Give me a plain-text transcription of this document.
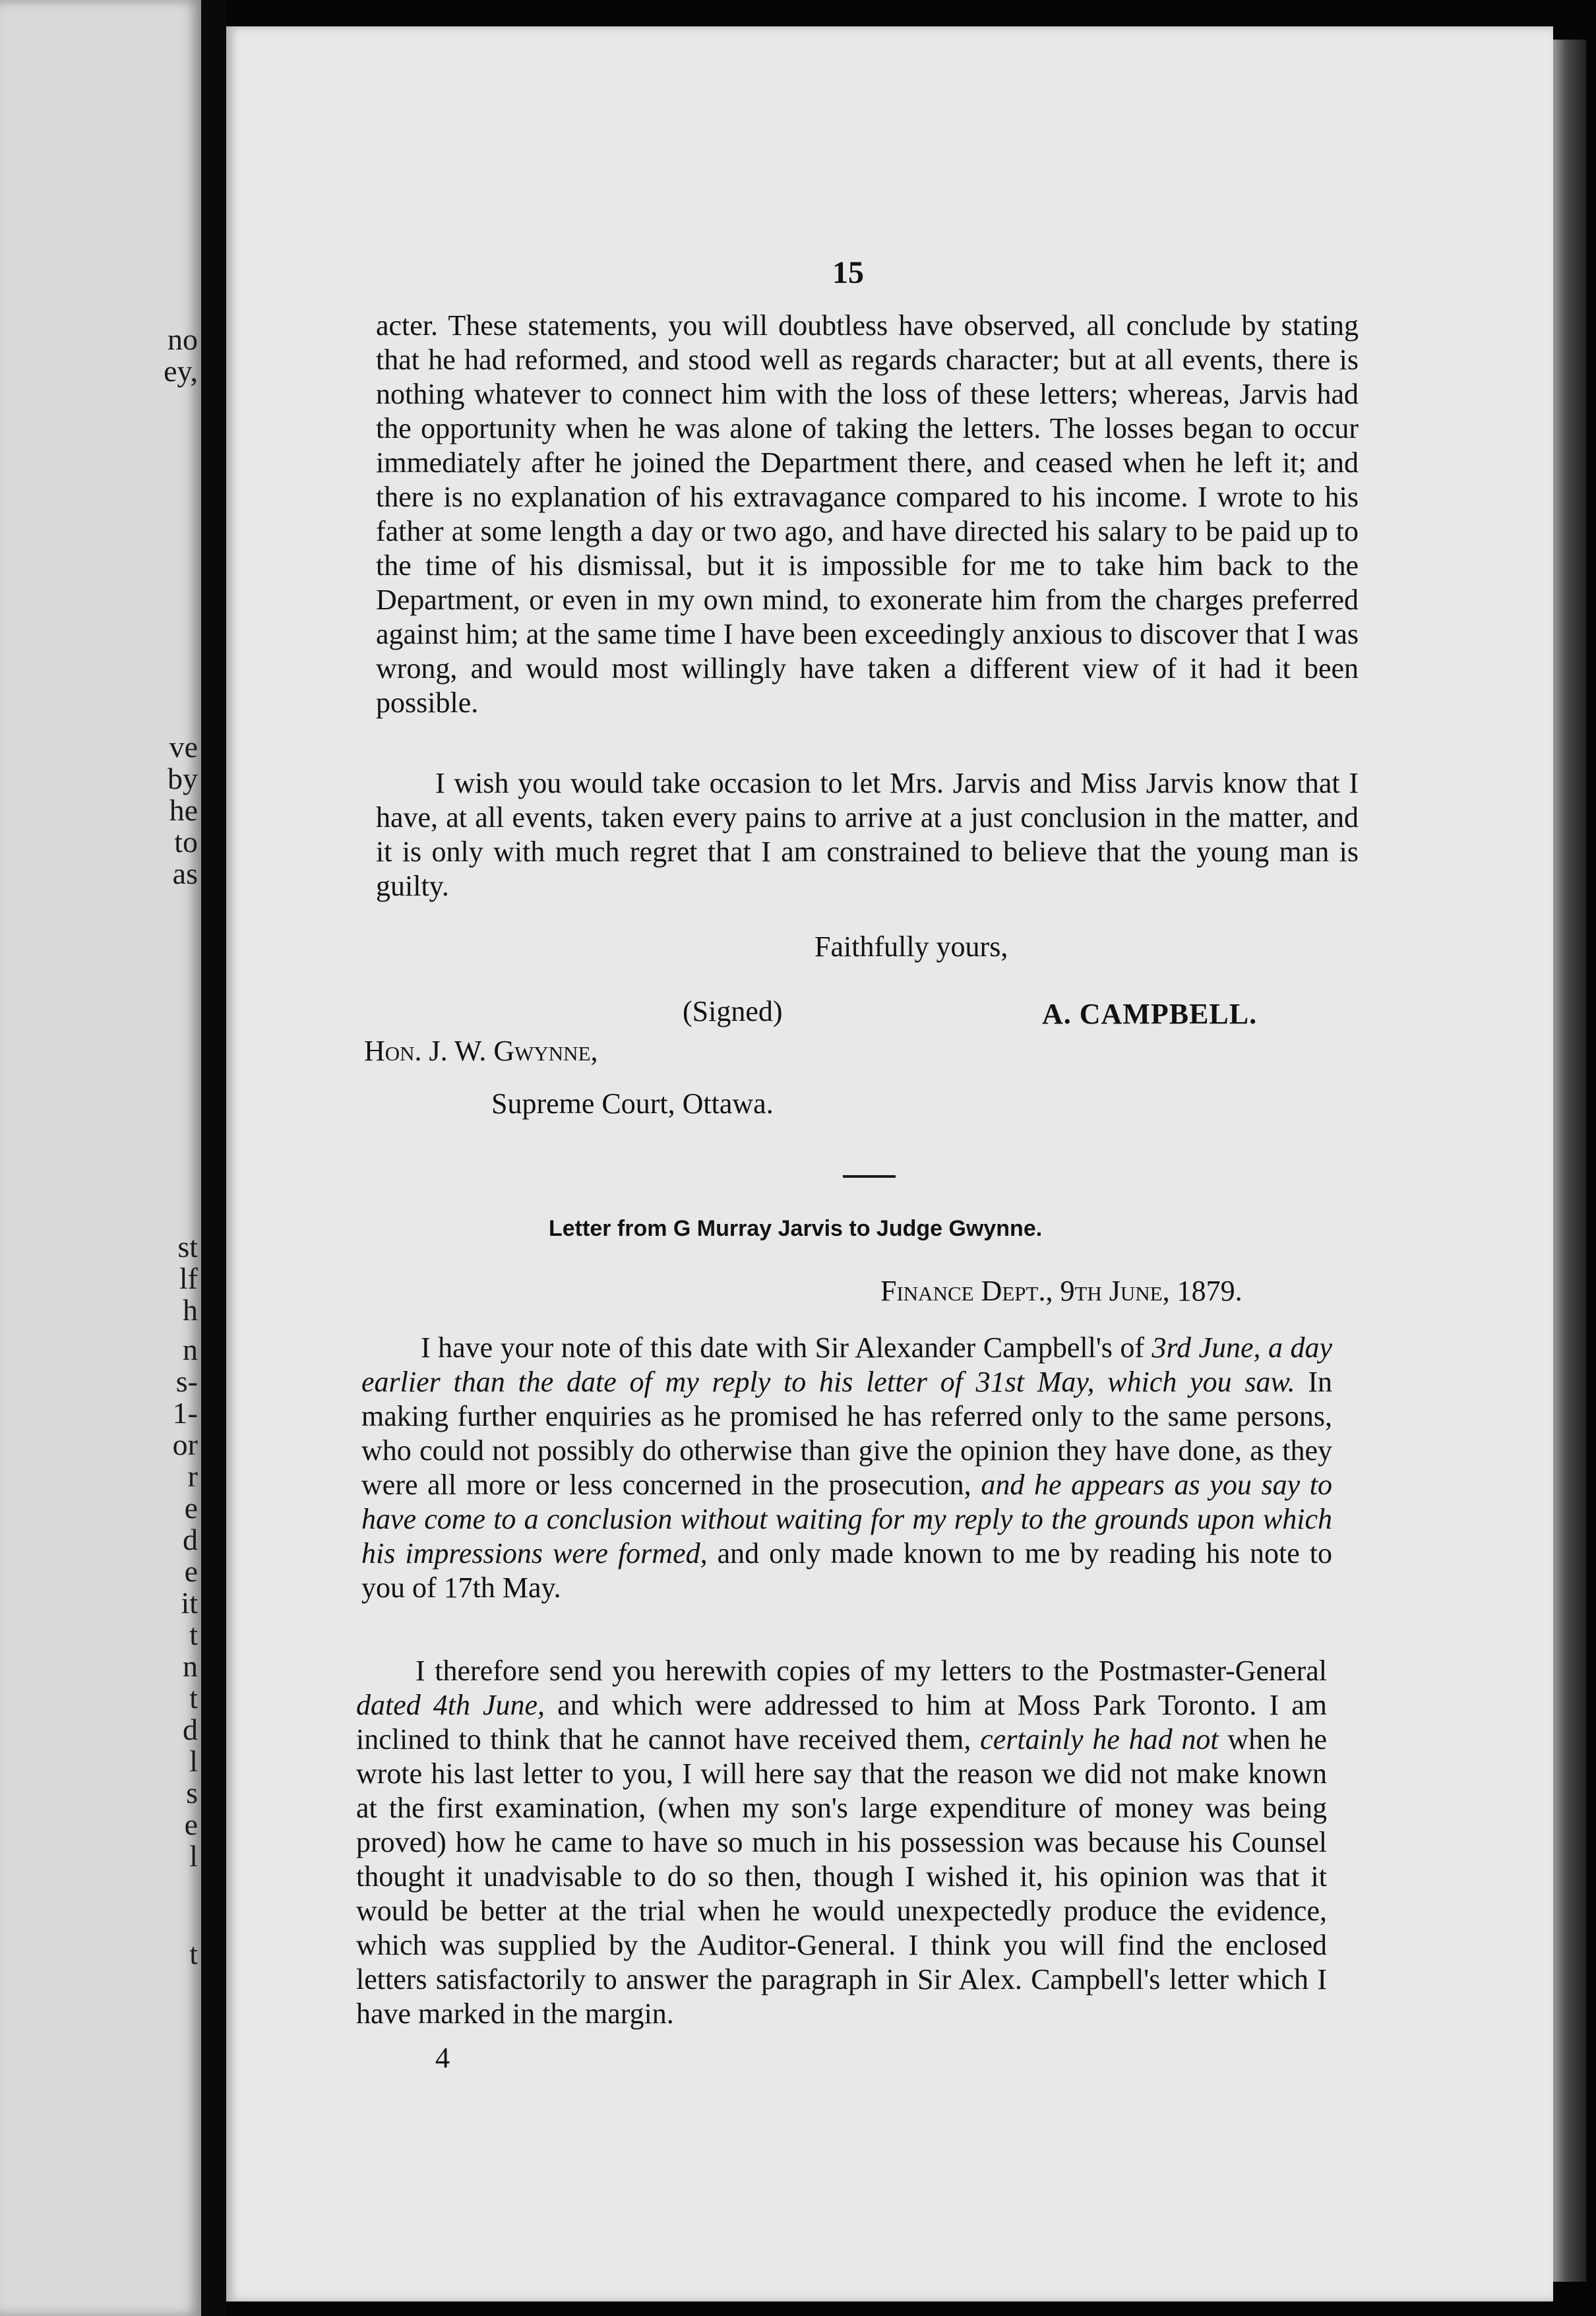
no
ey,
ve
by
he
to
as
st
lf
h
n
s-
1-
or
r
e
d
e
it
t
n
t
d
l
s
e
l
t
15

acter. These statements, you will doubtless have observed, all conclude by stating that he had reformed, and stood well as regards character; but at all events, there is nothing whatever to connect him with the loss of these letters; whereas, Jarvis had the opportunity when he was alone of taking the letters. The losses began to occur immediately after he joined the Department there, and ceased when he left it; and there is no explanation of his extravagance compared to his income. I wrote to his father at some length a day or two ago, and have directed his salary to be paid up to the time of his dismissal, but it is impossible for me to take him back to the Department, or even in my own mind, to exonerate him from the charges preferred against him; at the same time I have been exceedingly anxious to discover that I was wrong, and would most willingly have taken a different view of it had it been possible.

I wish you would take occasion to let Mrs. Jarvis and Miss Jarvis know that I have, at all events, taken every pains to arrive at a just conclusion in the matter, and it is only with much regret that I am constrained to believe that the young man is guilty.

Faithfully yours,
(Signed)	A. CAMPBELL.
Hon. J. W. Gwynne,
Supreme Court, Ottawa.
Letter from G Murray Jarvis to Judge Gwynne.
Finance Dept., 9th June, 1879.

I have your note of this date with Sir Alexander Campbell's of 3rd June, a day earlier than the date of my reply to his letter of 31st May, which you saw. In making further enquiries as he promised he has referred only to the same persons, who could not possibly do otherwise than give the opinion they have done, as they were all more or less concerned in the prosecution, and he appears as you say to have come to a conclusion without waiting for my reply to the grounds upon which his impressions were formed, and only made known to me by reading his note to you of 17th May.

I therefore send you herewith copies of my letters to the Postmaster-General dated 4th June, and which were addressed to him at Moss Park Toronto. I am inclined to think that he cannot have received them, certainly he had not when he wrote his last letter to you, I will here say that the reason we did not make known at the first examination, (when my son's large expenditure of money was being proved) how he came to have so much in his possession was because his Counsel thought it unadvisable to do so then, though I wished it, his opinion was that it would be better at the trial when he would unexpectedly produce the evidence, which was supplied by the Auditor-General. I think you will find the enclosed letters satisfactorily to answer the paragraph in Sir Alex. Campbell's letter which I have marked in the margin.

4
